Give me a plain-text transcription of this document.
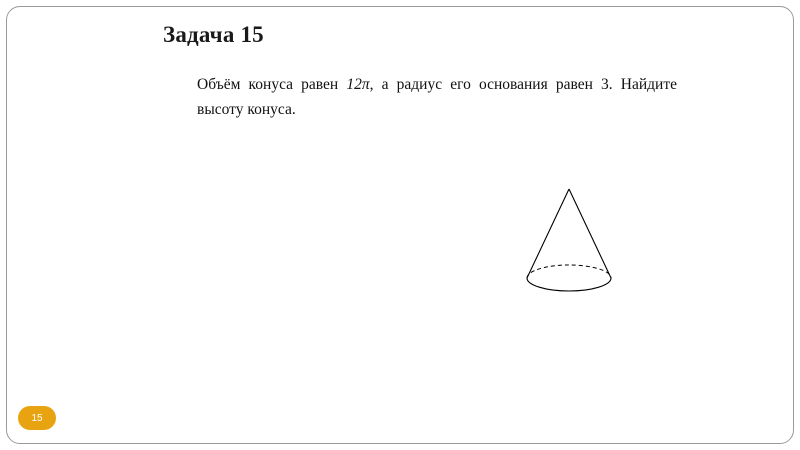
Задача 15
Объём конуса равен 12π, а радиус его основания равен 3. Найдите высоту конуса.
15
